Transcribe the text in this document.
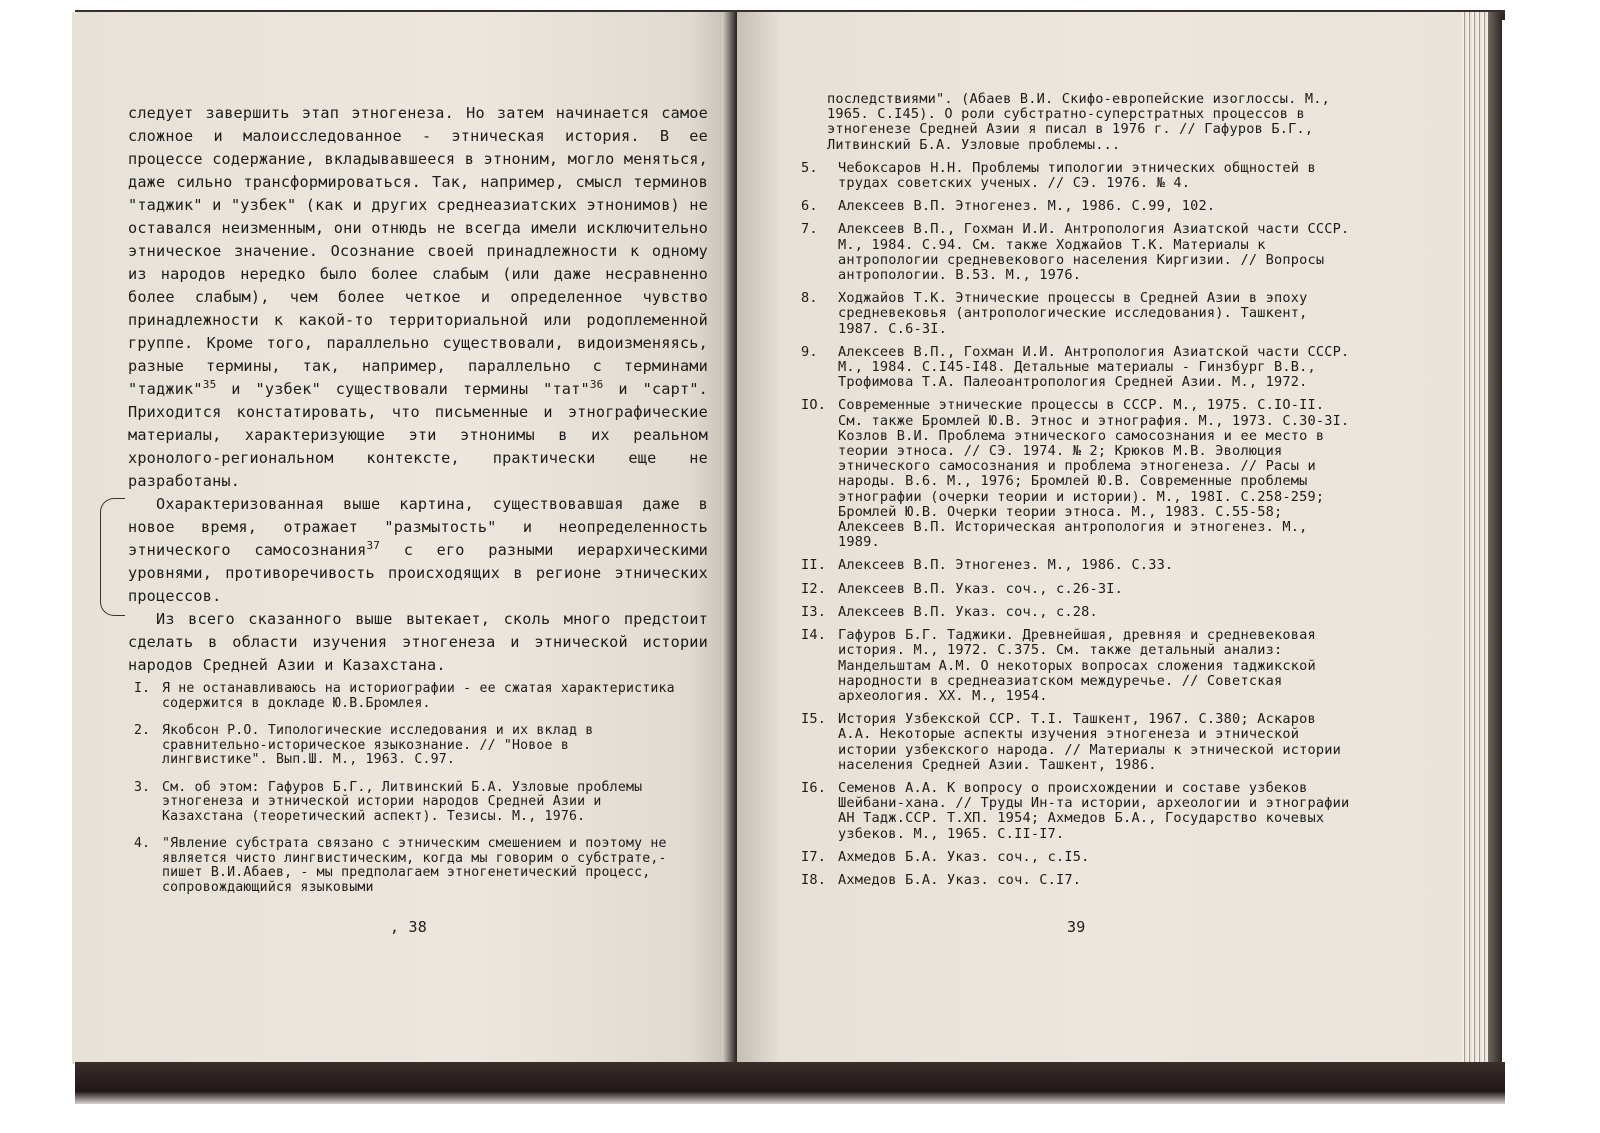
следует завершить этап этногенеза. Но затем начинается самое сложное и малоисследованное - этническая история. В ее процессе содержание, вкладывавшееся в этноним, могло меняться, даже сильно трансформироваться. Так, например, смысл терминов "таджик" и "узбек" (как и других среднеазиатских этнонимов) не оставался неизменным, они отнюдь не всегда имели исключительно этническое значение. Осознание своей принадлежности к одному из народов нередко было более слабым (или даже несравненно более слабым), чем более четкое и определенное чувство принадлежности к какой-то территориальной или родоплеменной группе. Кроме того, параллельно существовали, видоизменяясь, разные термины, так, например, параллельно с терминами "таджик"$^{35}$ и "узбек" существовали термины "тат"$^{36}$ и "сарт". Приходится констатировать, что письменные и этнографические материалы, характеризующие эти этнонимы в их реальном хронолого-региональном контексте, практически еще не разработаны.

Охарактеризованная выше картина, существовавшая даже в новое время, отражает "размытость" и неопределенность этнического самосознания$^{37}$ с его разными иерархическими уровнями, противоречивость происходящих в регионе этнических процессов.

Из всего сказанного выше вытекает, сколь много предстоит сделать в области изучения этногенеза и этнической истории народов Средней Азии и Казахстана.

I. Я не останавливаюсь на историографии - ее сжатая характеристика содержится в докладе Ю.В.Бромлея.
2. Якобсон Р.О. Типологические исследования и их вклад в сравнительно-историческое языкознание. // "Новое в лингвистике". Вып.Ш. М., 1963. С.97.
3. См. об этом: Гафуров Б.Г., Литвинский Б.А. Узловые проблемы этногенеза и этнической истории народов Средней Азии и Казахстана (теоретический аспект). Тезисы. М., 1976.
4. "Явление субстрата связано с этническим смешением и поэтому не является чисто лингвистическим, когда мы говорим о субстрате,- пишет В.И.Абаев, - мы предполагаем этногенетический процесс, сопровождающийся языковыми
, 38
последствиями". (Абаев В.И. Скифо-европейские изоглоссы. М., 1965. С.I45). О роли субстратно-суперстратных процессов в этногенезе Средней Азии я писал в 1976 г. // Гафуров Б.Г., Литвинский Б.А. Узловые проблемы...
5. Чебоксаров Н.Н. Проблемы типологии этнических общностей в трудах советских ученых. // СЭ. 1976. № 4.
6. Алексеев В.П. Этногенез. М., 1986. С.99, 102.
7. Алексеев В.П., Гохман И.И. Антропология Азиатской части СССР. М., 1984. С.94. См. также Ходжайов Т.К. Материалы к антропологии средневекового населения Киргизии. // Вопросы антропологии. В.53. М., 1976.
8. Ходжайов Т.К. Этнические процессы в Средней Азии в эпоху средневековья (антропологические исследования). Ташкент, 1987. С.6-3I.
9. Алексеев В.П., Гохман И.И. Антропология Азиатской части СССР. М., 1984. С.I45-I48. Детальные материалы - Гинзбург В.В., Трофимова Т.А. Палеоантропология Средней Азии. М., 1972.
IO. Современные этнические процессы в СССР. М., 1975. С.IO-II. См. также Бромлей Ю.В. Этнос и этнография. М., 1973. С.30-3I. Козлов В.И. Проблема этнического самосознания и ее место в теории этноса. // СЭ. 1974. № 2; Крюков М.В. Эволюция этнического самосознания и проблема этногенеза. // Расы и народы. В.6. М., 1976; Бромлей Ю.В. Современные проблемы этнографии (очерки теории и истории). М., 198I. С.258-259; Бромлей Ю.В. Очерки теории этноса. М., 1983. С.55-58; Алексеев В.П. Историческая антропология и этногенез. М., 1989.
II. Алексеев В.П. Этногенез. М., 1986. С.33.
I2. Алексеев В.П. Указ. соч., с.26-3I.
I3. Алексеев В.П. Указ. соч., с.28.
I4. Гафуров Б.Г. Таджики. Древнейшая, древняя и средневековая история. М., 1972. С.375. См. также детальный анализ: Мандельштам А.М. О некоторых вопросах сложения таджикской народности в среднеазиатском междуречье. // Советская археология. XX. М., 1954.
I5. История Узбекской ССР. Т.I. Ташкент, 1967. С.380; Аскаров А.А. Некоторые аспекты изучения этногенеза и этнической истории узбекского народа. // Материалы к этнической истории населения Средней Азии. Ташкент, 1986.
I6. Семенов А.А. К вопросу о происхождении и составе узбеков Шейбани-хана. // Труды Ин-та истории, археологии и этнографии АН Тадж.ССР. Т.ХП. 1954; Ахмедов Б.А., Государство кочевых узбеков. М., 1965. С.II-I7.
I7. Ахмедов Б.А. Указ. соч., с.I5.
I8. Ахмедов Б.А. Указ. соч. С.I7.
39
